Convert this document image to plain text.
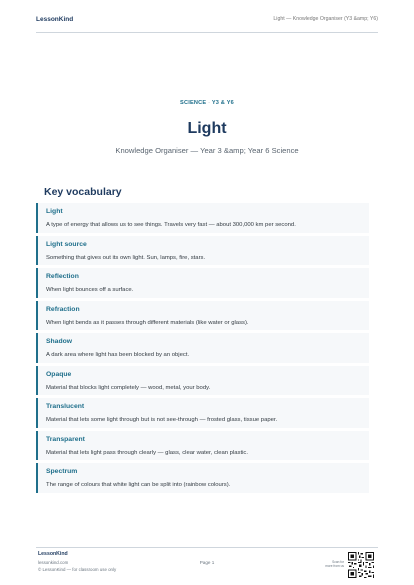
LessonKind	Light — Knowledge Organiser (Y3 &amp; Y6)
SCIENCE · Y3 & Y6
Light
Knowledge Organiser — Year 3 &amp; Year 6 Science
Key vocabulary
Light
A type of energy that allows us to see things. Travels very fast — about 300,000 km per second.
Light source
Something that gives out its own light. Sun, lamps, fire, stars.
Reflection
When light bounces off a surface.
Refraction
When light bends as it passes through different materials (like water or glass).
Shadow
A dark area where light has been blocked by an object.
Opaque
Material that blocks light completely — wood, metal, your body.
Translucent
Material that lets some light through but is not see-through — frosted glass, tissue paper.
Transparent
Material that lets light pass through clearly — glass, clear water, clean plastic.
Spectrum
The range of colours that white light can be split into (rainbow colours).
LessonKind
lessonkind.com
© LessonKind — for classroom use only
Page 1	Scan for
more from us
